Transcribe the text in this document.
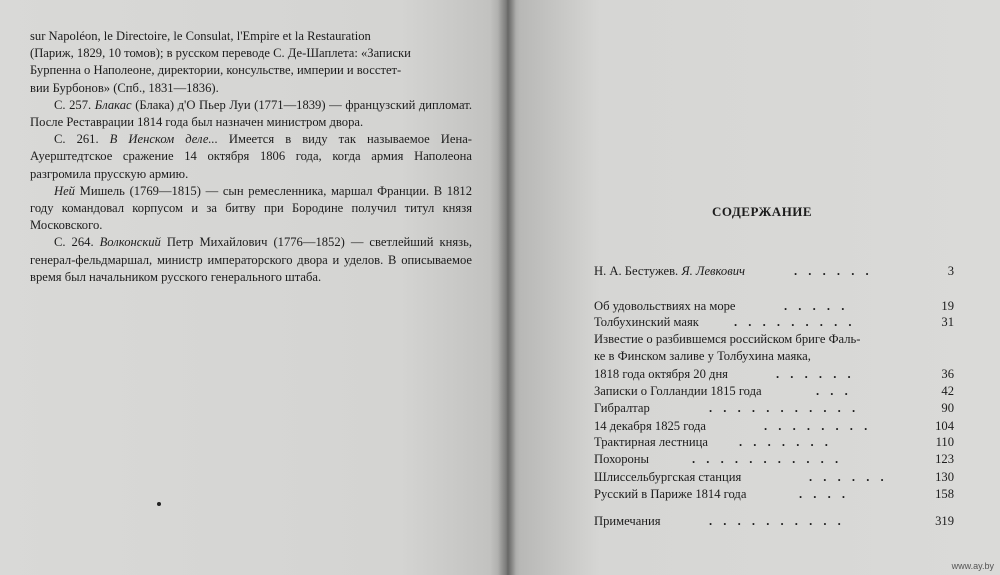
sur Napoléon, le Directoire, le Consulat, l'Empire et la Restauration

(Париж, 1829, 10 томов); в русском переводе С. Де-Шаплета: «Записки

Бурпенна о Наполеоне, директории, консульстве, империи и восстет-

вии Бурбонов» (Спб., 1831—1836).

С. 257. Блакас (Блака) д'О Пьер Луи (1771—1839) — французский дипломат. После Реставрации 1814 года был назначен министром двора.

С. 261. В Иенском деле... Имеется в виду так называемое Иена-Ауерштедтское сражение 14 октября 1806 года, когда армия Наполеона разгромила прусскую армию.

Ней Мишель (1769—1815) — сын ремесленника, маршал Франции. В 1812 году командовал корпусом и за битву при Бородине получил титул князя Московского.

С. 264. Волконский Петр Михайлович (1776—1852) — светлейший князь, генерал-фельдмаршал, министр императорского двора и уделов. В описываемое время был начальником русского генерального штаба.

СОДЕРЖАНИЕ
Н. А. Бестужев. Я. Левкович	. . . . . .	3
Об удовольствиях на море	. . . . .	19
Толбухинский маяк	. . . . . . . . .	31
Известие о разбившемся российском бриге Фаль-
ке в Финском заливе у Толбухина маяка,
1818 года октября 20 дня	. . . . . .	36
Записки о Голландии 1815 года	. . .	42
Гибралтар	. . . . . . . . . . .	90
14 декабря 1825 года	. . . . . . . .	104
Трактирная лестница . . . . . . .	110
Похороны	. . . . . . . . . . .	123
Шлиссельбургская станция	. . . . . .	130
Русский в Париже 1814 года	. . . .	158
Примечания	. . . . . . . . . .	319
www.ay.by
